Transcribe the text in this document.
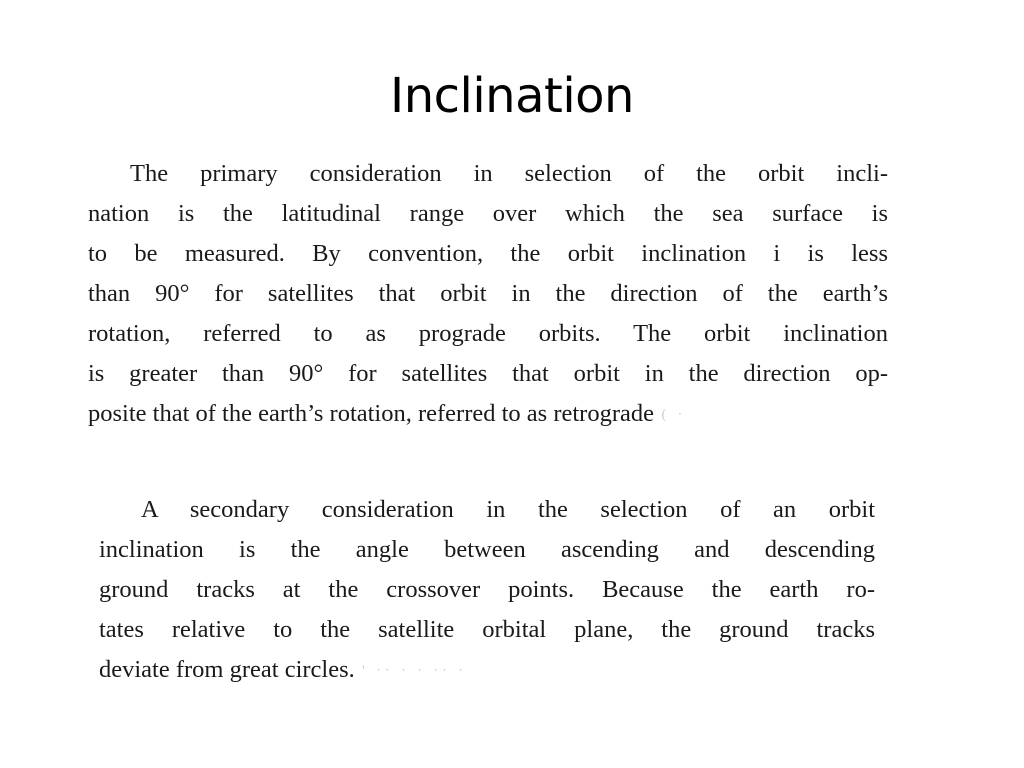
Inclination
The primary consideration in selection of the orbit incli-
nation is the latitudinal range over which the sea surface is
to be measured. By convention, the orbit inclination i is less
than 90° for satellites that orbit in the direction of the earth’s
rotation, referred to as prograde orbits. The orbit inclination
is greater than 90° for satellites that orbit in the direction op-
posite that of the earth’s rotation, referred to as retrograde ( ·
A secondary consideration in the selection of an orbit
inclination is the angle between ascending and descending
ground tracks at the crossover points. Because the earth ro-
tates relative to the satellite orbital plane, the ground tracks
deviate from great circles. ' ·· · · ·· ·
